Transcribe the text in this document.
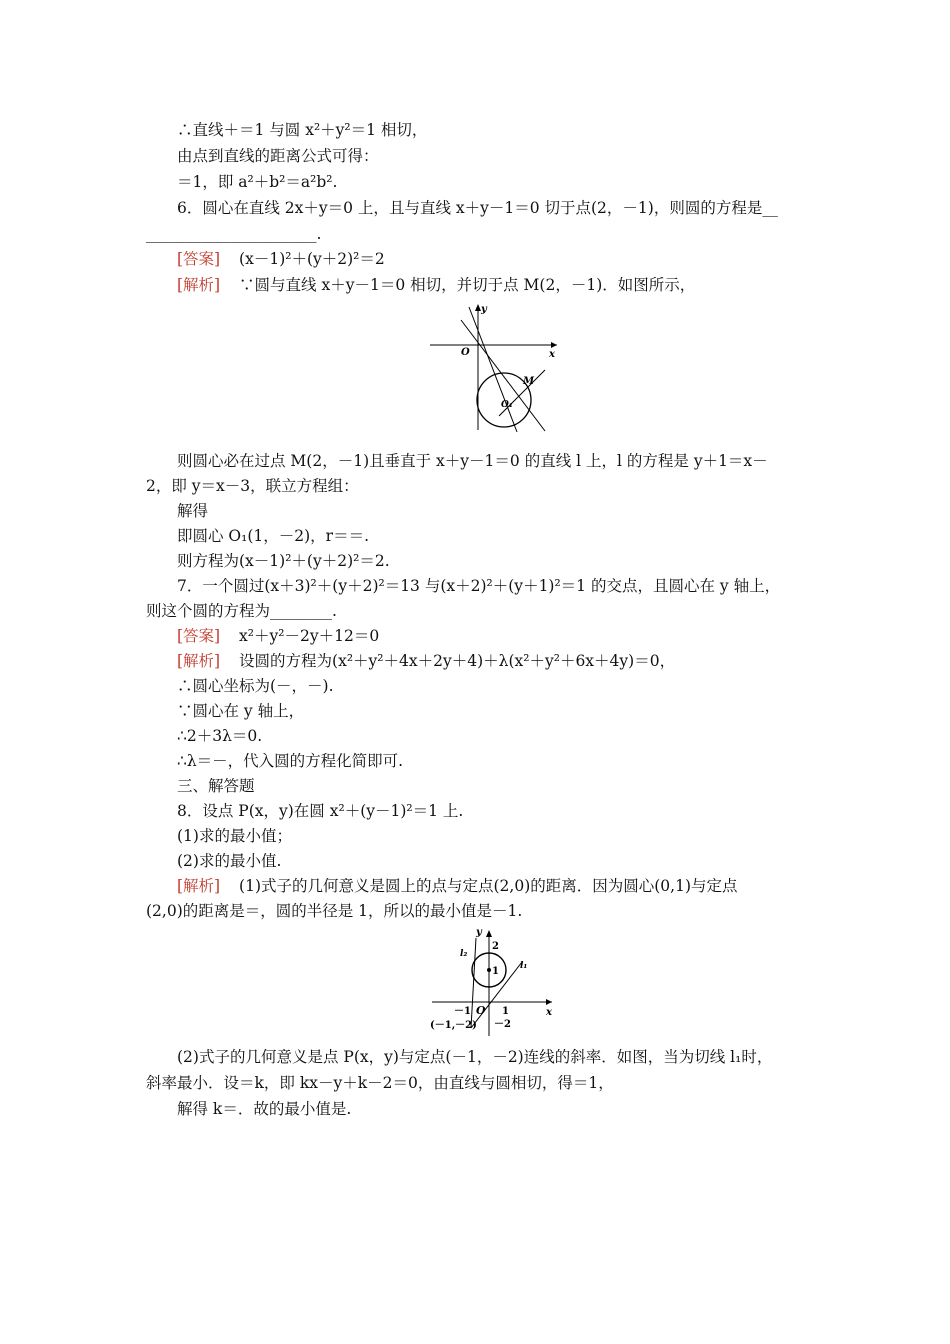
∴直线＋＝1 与圆 x²＋y²＝1 相切，
由点到直线的距离公式可得：
＝1，即 a²＋b²＝a²b².
6．圆心在直线 2x＋y＝0 上，且与直线 x＋y－1＝0 切于点(2，－1)，则圆的方程是__
______________________.
[答案] (x－1)²＋(y＋2)²＝2
[解析] ∵圆与直线 x＋y－1＝0 相切，并切于点 M(2，－1)．如图所示，
y
x
O
M
O₁
则圆心必在过点 M(2，－1)且垂直于 x＋y－1＝0 的直线 l 上，l 的方程是 y＋1＝x－
2，即 y＝x－3，联立方程组：
解得
即圆心 O₁(1，－2)，r＝＝.
则方程为(x－1)²＋(y＋2)²＝2.
7．一个圆过(x＋3)²＋(y＋2)²＝13 与(x＋2)²＋(y＋1)²＝1 的交点，且圆心在 y 轴上，
则这个圆的方程为________.
[答案] x²＋y²－2y＋12＝0
[解析] 设圆的方程为(x²＋y²＋4x＋2y＋4)＋λ(x²＋y²＋6x＋4y)＝0，
∴圆心坐标为(－，－).
∵圆心在 y 轴上，
∴2＋3λ＝0.
∴λ＝－，代入圆的方程化简即可.
三、解答题
8．设点 P(x，y)在圆 x²＋(y－1)²＝1 上.
(1)求的最小值；
(2)求的最小值.
[解析] (1)式子的几何意义是圆上的点与定点(2,0)的距离．因为圆心(0,1)与定点
(2,0)的距离是＝，圆的半径是 1，所以的最小值是－1.
y
x
O
l₁
l₂
2
1
－1	1
－2
(－1,－2)
(2)式子的几何意义是点 P(x，y)与定点(－1，－2)连线的斜率．如图，当为切线 l₁时，
斜率最小．设＝k，即 kx－y＋k－2＝0，由直线与圆相切，得＝1，
解得 k＝．故的最小值是.
